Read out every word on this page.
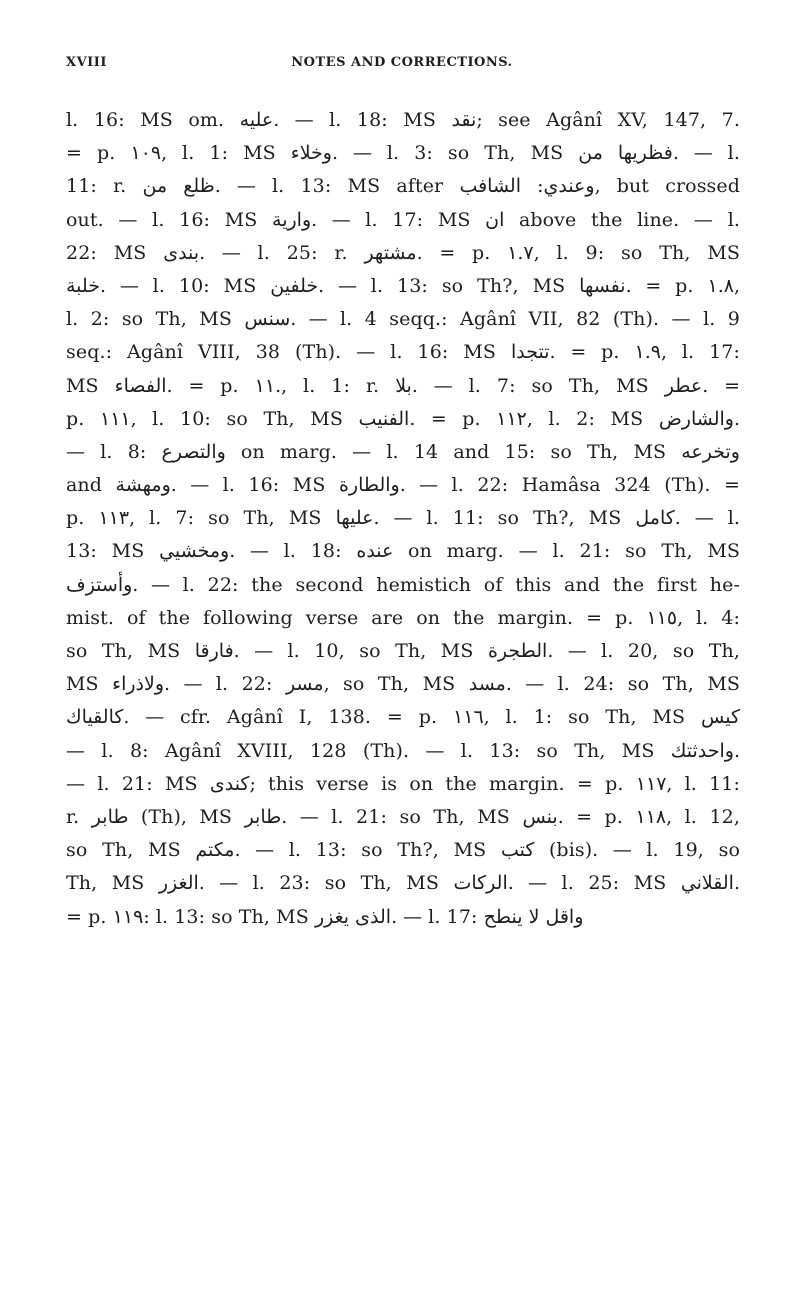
XVIII	NOTES AND CORRECTIONS.
l. 16: MS om. ﻋﻠﻴﻪ. — l. 18: MS ﻧﻘﺪ; see Agânî XV, 147, 7.
= p. ١٠٩, l. 1: MS ﻭﺧﻼﺀ. — l. 3: so Th, MS ﻓﻈﺮﻳﻬﺎ ﻣﻦ. — l.
11: r. ﻇﻠﻊ ﻣﻦ. — l. 13: MS after ﻭﻋﻨﺪﻱ: ﺍﻟﺸﺎﻓﺐ, but crossed
out. — l. 16: MS ﻭﺍﺭﻳﺔ. — l. 17: MS ﺍﻥ above the line. — l.
22: MS ﺑﻨﺪﻯ. — l. 25: r. ﻣﺸﺘﻬﺮ. = p. ١.٧, l. 9: so Th, MS
ﺧﻠﺒﺔ. — l. 10: MS ﺧﻠﻔﻴﻦ. — l. 13: so Th?, MS ﻧﻔﺴﻬﺎ. = p. ١.٨,
l. 2: so Th, MS ﺳﻨﺲ. — l. 4 seqq.: Agânî VII, 82 (Th). — l. 9
seq.: Agânî VIII, 38 (Th). — l. 16: MS ﺗﺘﺠﺪﺍ. = p. ١.٩, l. 17:
MS ﺍﻟﻔﺼﺎﺀ. = p. ١١., l. 1: r. ﺑﻼ. — l. 7: so Th, MS ﻋﻄﺮ. =
p. ١١١, l. 10: so Th, MS ﺍﻟﻔﻨﻴﺐ. = p. ١١٢, l. 2: MS ﻭﺍﻟﺸﺎﺭﺽ.
— l. 8: ﻭﺍﻟﺘﺼﺮﻉ on marg. — l. 14 and 15: so Th, MS ﻭﺗﺨﺮﻋﻪ
and ﻭﻣﻬﺸﺔ. — l. 16: MS ﻭﺍﻟﻄﺎﺭﺓ. — l. 22: Hamâsa 324 (Th). =
p. ١١٣, l. 7: so Th, MS ﻋﻠﻴﻬﺎ. — l. 11: so Th?, MS ﻛﺎﻣﻞ. — l.
13: MS ﻭﻣﺨﺸﻴﻲ. — l. 18: ﻋﻨﺪﻩ on marg. — l. 21: so Th, MS
ﻭﺃﺳﺘﺰﻑ. — l. 22: the second hemistich of this and the first he-
mist. of the following verse are on the margin. = p. ١١٥, l. 4:
so Th, MS ﻓﺎﺭﻗﺎ. — l. 10, so Th, MS ﺍﻟﻄﺠﺮﺓ. — l. 20, so Th,
MS ﻭﻻﺫﺭﺍﺀ. — l. 22: ﻣﺴﺮ, so Th, MS ﻣﺴﺪ. — l. 24: so Th, MS
ﻛﺎﻟﻘﻴﺎﻙ. — cfr. Agânî I, 138. = p. ١١٦, l. 1: so Th, MS ﻛﻴﺲ
— l. 8: Agânî XVIII, 128 (Th). — l. 13: so Th, MS ﻭﺍﺣﺪﺛﺘﻚ.
— l. 21: MS ﻛﻨﺪﻯ; this verse is on the margin. = p. ١١٧, l. 11:
r. ﻃﺎﺑﺮ (Th), MS ﻃﺎﺑﺮ. — l. 21: so Th, MS ﺑﻨﺲ. = p. ١١٨, l. 12,
so Th, MS ﻣﻜﺘﻢ. — l. 13: so Th?, MS ﻛﺘﺐ (bis). — l. 19, so
Th, MS ﺍﻟﻐﺰﺭ. — l. 23: so Th, MS ﺍﻟﺮﻛﺎﺕ. — l. 25: MS ﺍﻟﻘﻼﻧﻲ.
= p. ١١٩: l. 13: so Th, MS ﺍﻟﺬﻯ ﻳﻐﺰﺭ. — l. 17: ﻭﺍﻗﻞ ﻻ ﻳﻨﻄﺢ
